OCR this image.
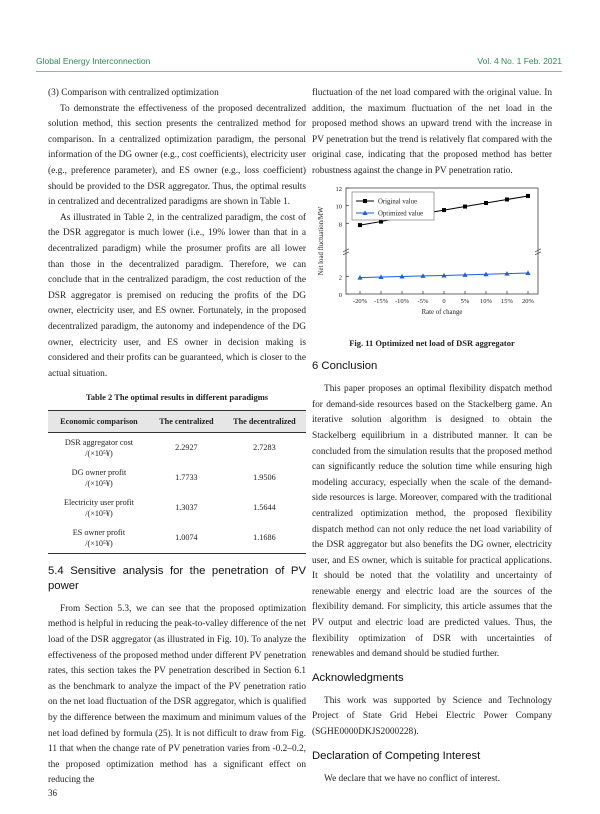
Global Energy Interconnection	Vol. 4 No. 1 Feb. 2021

(3) Comparison with centralized optimization

To demonstrate the effectiveness of the proposed decentralized solution method, this section presents the centralized method for comparison. In a centralized optimization paradigm, the personal information of the DG owner (e.g., cost coefficients), electricity user (e.g., preference parameter), and ES owner (e.g., loss coefficient) should be provided to the DSR aggregator. Thus, the optimal results in centralized and decentralized paradigms are shown in Table 1.

As illustrated in Table 2, in the centralized paradigm, the cost of the DSR aggregator is much lower (i.e., 19% lower than that in a decentralized paradigm) while the prosumer profits are all lower than those in the decentralized paradigm. Therefore, we can conclude that in the centralized paradigm, the cost reduction of the DSR aggregator is premised on reducing the profits of the DG owner, electricity user, and ES owner. Fortunately, in the proposed decentralized paradigm, the autonomy and independence of the DG owner, electricity user, and ES owner in decision making is considered and their profits can be guaranteed, which is closer to the actual situation.

Table 2 The optimal results in different paradigms
Economic comparison	The centralized	The decentralized

DSR aggregator cost
/(×10⁵¥)	2.2927	2.7283

DG owner profit
/(×10⁵¥)	1.7733	1.9506

Electricity user profit
/(×10⁵¥)	1.3037	1.5644

ES owner profit
/(×10⁵¥)	1.0074	1.1686
5.4 Sensitive analysis for the penetration of PV power

From Section 5.3, we can see that the proposed optimization method is helpful in reducing the peak-to-valley difference of the net load of the DSR aggregator (as illustrated in Fig. 10). To analyze the effectiveness of the proposed method under different PV penetration rates, this section takes the PV penetration described in Section 6.1 as the benchmark to analyze the impact of the PV penetration ratio on the net load fluctuation of the DSR aggregator, which is qualified by the difference between the maximum and minimum values of the net load defined by formula (25). It is not difficult to draw from Fig. 11 that when the change rate of PV penetration varies from -0.2–0.2, the proposed optimization method has a significant effect on reducing the

fluctuation of the net load compared with the original value. In addition, the maximum fluctuation of the net load in the proposed method shows an upward trend with the increase in PV penetration but the trend is relatively flat compared with the original case, indicating that the proposed method has better robustness against the change in PV penetration ratio.

0
2
8
10
12
-20% -15% -10% -5% 0 5% 10% 15% 20%
Rate of change
Net load fluctuation/MW
Original value
Optimized value
Fig. 11 Optimized net load of DSR aggregator
6 Conclusion

This paper proposes an optimal flexibility dispatch method for demand-side resources based on the Stackelberg game. An iterative solution algorithm is designed to obtain the Stackelberg equilibrium in a distributed manner. It can be concluded from the simulation results that the proposed method can significantly reduce the solution time while ensuring high modeling accuracy, especially when the scale of the demand-side resources is large. Moreover, compared with the traditional centralized optimization method, the proposed flexibility dispatch method can not only reduce the net load variability of the DSR aggregator but also benefits the DG owner, electricity user, and ES owner, which is suitable for practical applications. It should be noted that the volatility and uncertainty of renewable energy and electric load are the sources of the flexibility demand. For simplicity, this article assumes that the PV output and electric load are predicted values. Thus, the flexibility optimization of DSR with uncertainties of renewables and demand should be studied further.

Acknowledgments

This work was supported by Science and Technology Project of State Grid Hebei Electric Power Company (SGHE0000DKJS2000228).

Declaration of Competing Interest

We declare that we have no conflict of interest.

36
